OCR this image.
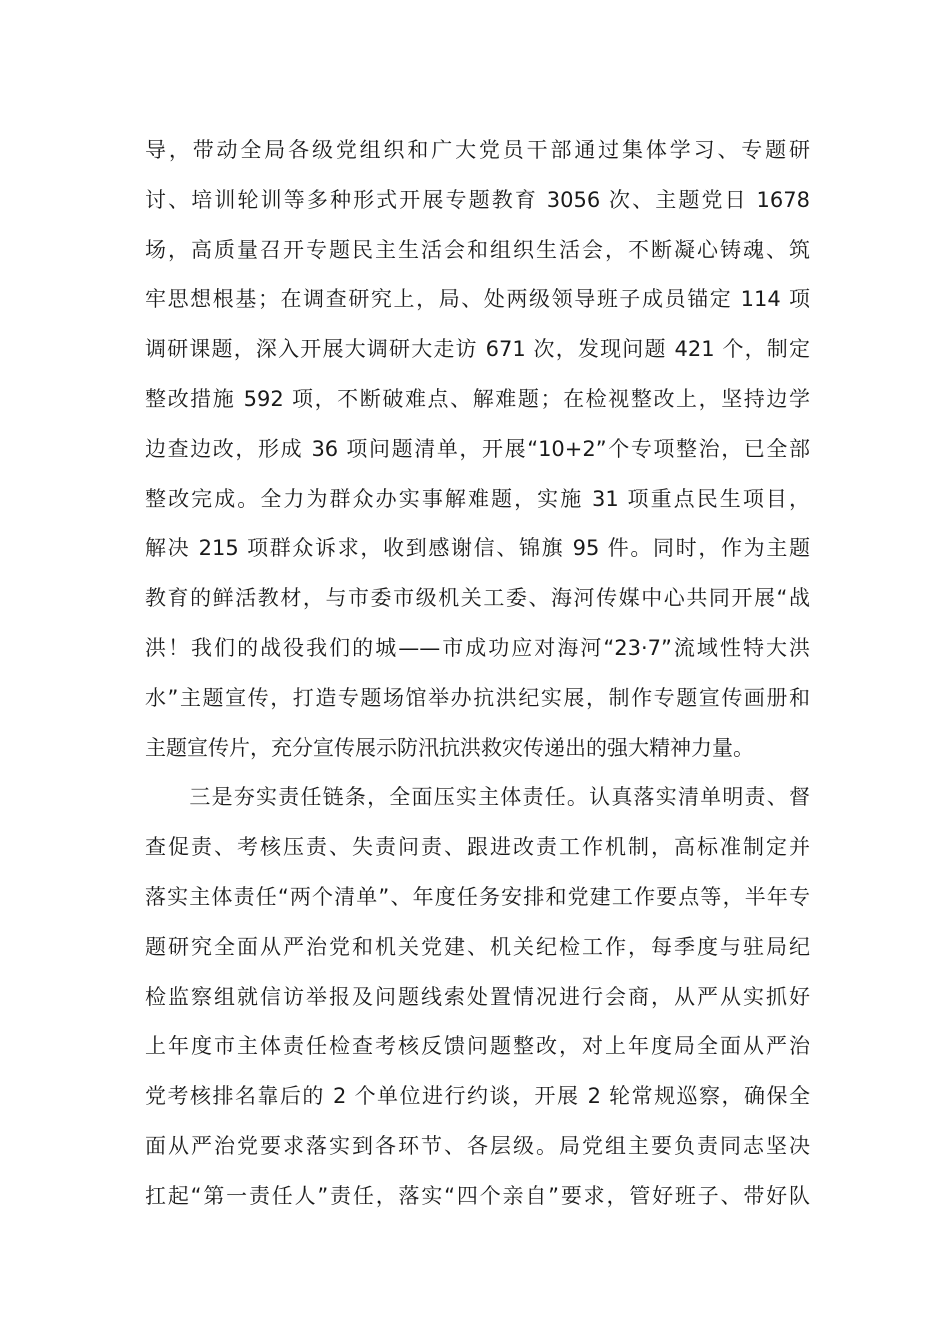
导，带动全局各级党组织和广大党员干部通过集体学习、专题研
讨、培训轮训等多种形式开展专题教育 3056 次、主题党日 1678
场，高质量召开专题民主生活会和组织生活会，不断凝心铸魂、筑
牢思想根基；在调查研究上，局、处两级领导班子成员锚定 114 项
调研课题，深入开展大调研大走访 671 次，发现问题 421 个，制定
整改措施 592 项，不断破难点、解难题；在检视整改上，坚持边学
边查边改，形成 36 项问题清单，开展“10+2”个专项整治，已全部
整改完成。全力为群众办实事解难题，实施 31 项重点民生项目，
解决 215 项群众诉求，收到感谢信、锦旗 95 件。同时，作为主题
教育的鲜活教材，与市委市级机关工委、海河传媒中心共同开展“战
洪！我们的战役我们的城——市成功应对海河“23·7”流域性特大洪
水”主题宣传，打造专题场馆举办抗洪纪实展，制作专题宣传画册和
主题宣传片，充分宣传展示防汛抗洪救灾传递出的强大精神力量。
　　三是夯实责任链条，全面压实主体责任。认真落实清单明责、督
查促责、考核压责、失责问责、跟进改责工作机制，高标准制定并
落实主体责任“两个清单”、年度任务安排和党建工作要点等，半年专
题研究全面从严治党和机关党建、机关纪检工作，每季度与驻局纪
检监察组就信访举报及问题线索处置情况进行会商，从严从实抓好
上年度市主体责任检查考核反馈问题整改，对上年度局全面从严治
党考核排名靠后的 2 个单位进行约谈，开展 2 轮常规巡察，确保全
面从严治党要求落实到各环节、各层级。局党组主要负责同志坚决
扛起“第一责任人”责任，落实“四个亲自”要求，管好班子、带好队
